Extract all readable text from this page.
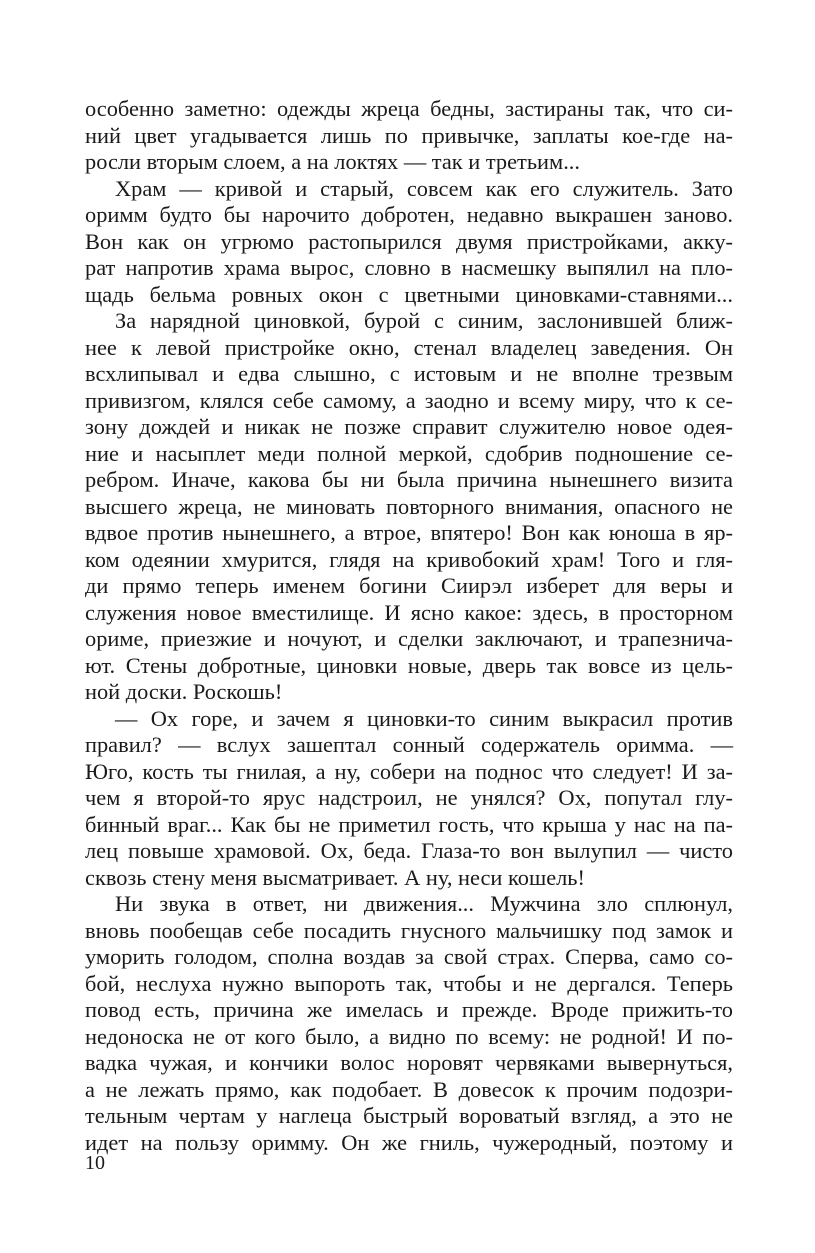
особенно заметно: одежды жреца бедны, застираны так, что си-
ний цвет угадывается лишь по привычке, заплаты кое-где на-
росли вторым слоем, а на локтях — так и третьим...
Храм — кривой и старый, совсем как его служитель. Зато
оримм будто бы нарочито добротен, недавно выкрашен заново.
Вон как он угрюмо растопырился двумя пристройками, акку-
рат напротив храма вырос, словно в насмешку выпялил на пло-
щадь бельма ровных окон с цветными циновками-ставнями...
За нарядной циновкой, бурой с синим, заслонившей ближ-
нее к левой пристройке окно, стенал владелец заведения. Он
всхлипывал и едва слышно, с истовым и не вполне трезвым
привизгом, клялся себе самому, а заодно и всему миру, что к се-
зону дождей и никак не позже справит служителю новое одея-
ние и насыплет меди полной меркой, сдобрив подношение се-
ребром. Иначе, какова бы ни была причина нынешнего визита
высшего жреца, не миновать повторного внимания, опасного не
вдвое против нынешнего, а втрое, впятеро! Вон как юноша в яр-
ком одеянии хмурится, глядя на кривобокий храм! Того и гля-
ди прямо теперь именем богини Сиирэл изберет для веры и
служения новое вместилище. И ясно какое: здесь, в просторном
ориме, приезжие и ночуют, и сделки заключают, и трапезнича-
ют. Стены добротные, циновки новые, дверь так вовсе из цель-
ной доски. Роскошь!
— Ох горе, и зачем я циновки-то синим выкрасил против
правил? — вслух зашептал сонный содержатель оримма. —
Юго, кость ты гнилая, а ну, собери на поднос что следует! И за-
чем я второй-то ярус надстроил, не унялся? Ох, попутал глу-
бинный враг... Как бы не приметил гость, что крыша у нас на па-
лец повыше храмовой. Ох, беда. Глаза-то вон вылупил — чисто
сквозь стену меня высматривает. А ну, неси кошель!
Ни звука в ответ, ни движения... Мужчина зло сплюнул,
вновь пообещав себе посадить гнусного мальчишку под замок и
уморить голодом, сполна воздав за свой страх. Сперва, само со-
бой, неслуха нужно выпороть так, чтобы и не дергался. Теперь
повод есть, причина же имелась и прежде. Вроде прижить-то
недоноска не от кого было, а видно по всему: не родной! И по-
вадка чужая, и кончики волос норовят червяками вывернуться,
а не лежать прямо, как подобает. В довесок к прочим подозри-
тельным чертам у наглеца быстрый вороватый взгляд, а это не
идет на пользу оримму. Он же гниль, чужеродный, поэтому и
10
